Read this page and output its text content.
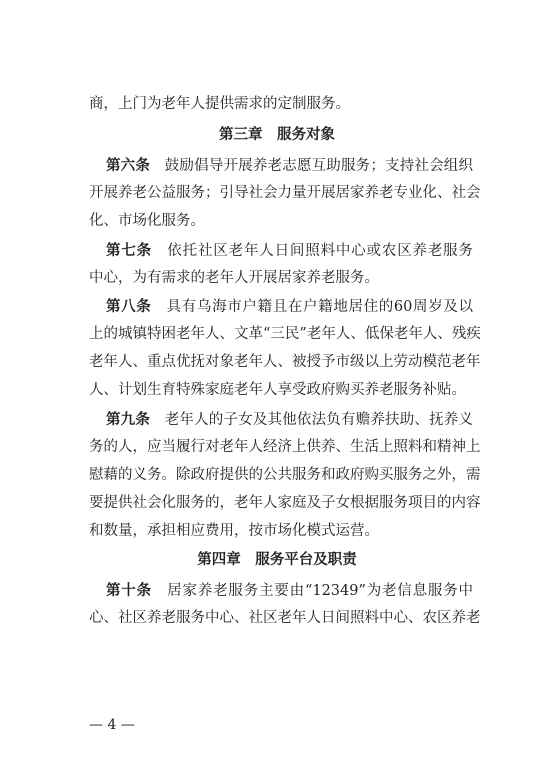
商，上门为老年人提供需求的定制服务。
第三章　服务对象
第六条　鼓励倡导开展养老志愿互助服务；支持社会组织
开展养老公益服务；引导社会力量开展居家养老专业化、社会
化、市场化服务。
第七条　依托社区老年人日间照料中心或农区养老服务
中心，为有需求的老年人开展居家养老服务。
第八条　具有乌海市户籍且在户籍地居住的60周岁及以
上的城镇特困老年人、文革“三民”老年人、低保老年人、残疾
老年人、重点优抚对象老年人、被授予市级以上劳动模范老年
人、计划生育特殊家庭老年人享受政府购买养老服务补贴。
第九条　老年人的子女及其他依法负有赡养扶助、抚养义
务的人，应当履行对老年人经济上供养、生活上照料和精神上
慰藉的义务。除政府提供的公共服务和政府购买服务之外，需
要提供社会化服务的，老年人家庭及子女根据服务项目的内容
和数量，承担相应费用，按市场化模式运营。
第四章　服务平台及职责
第十条　居家养老服务主要由“12349”为老信息服务中
心、社区养老服务中心、社区老年人日间照料中心、农区养老
— 4 —
